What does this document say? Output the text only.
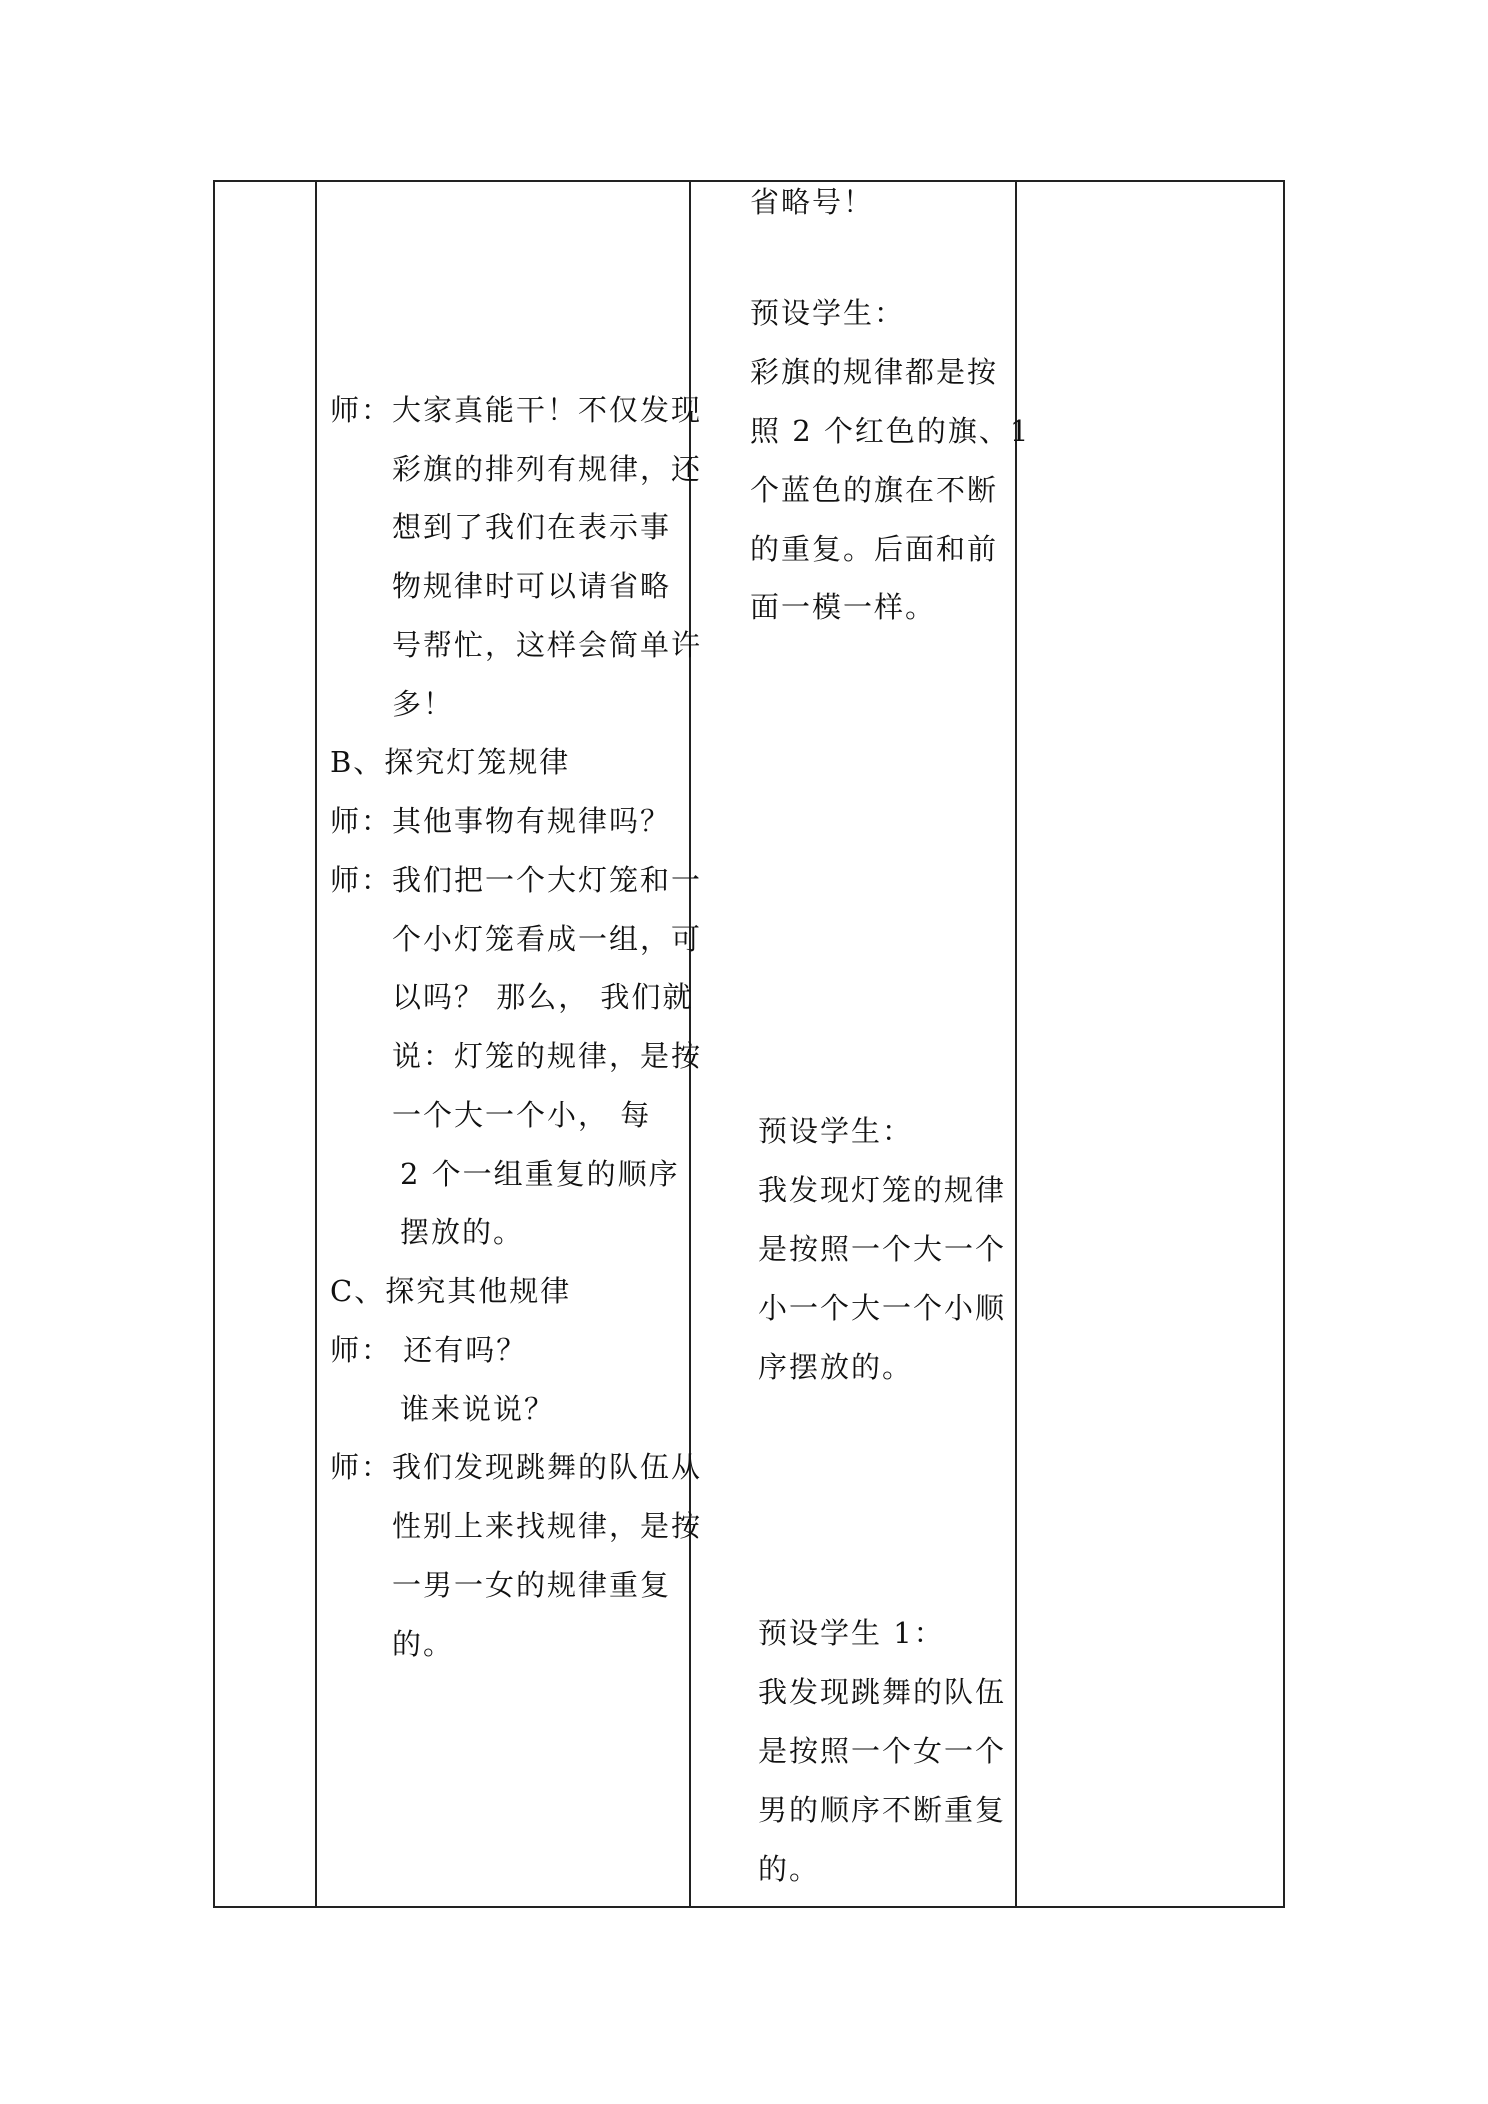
师：大家真能干！不仅发现
彩旗的排列有规律，还
想到了我们在表示事
物规律时可以请省略
号帮忙，这样会简单许
多！
B、探究灯笼规律
师：其他事物有规律吗？
师：我们把一个大灯笼和一
个小灯笼看成一组，可
以吗？ 那么， 我们就
说：灯笼的规律，是按
一个大一个小， 每
2 个一组重复的顺序
摆放的。
C、探究其他规律
师： 还有吗？
谁来说说？
师：我们发现跳舞的队伍从
性别上来找规律，是按
一男一女的规律重复
的。
省略号！
预设学生：
彩旗的规律都是按
照 2 个红色的旗、1
个蓝色的旗在不断
的重复。后面和前
面一模一样。
预设学生：
我发现灯笼的规律
是按照一个大一个
小一个大一个小顺
序摆放的。
预设学生 1：
我发现跳舞的队伍
是按照一个女一个
男的顺序不断重复
的。
